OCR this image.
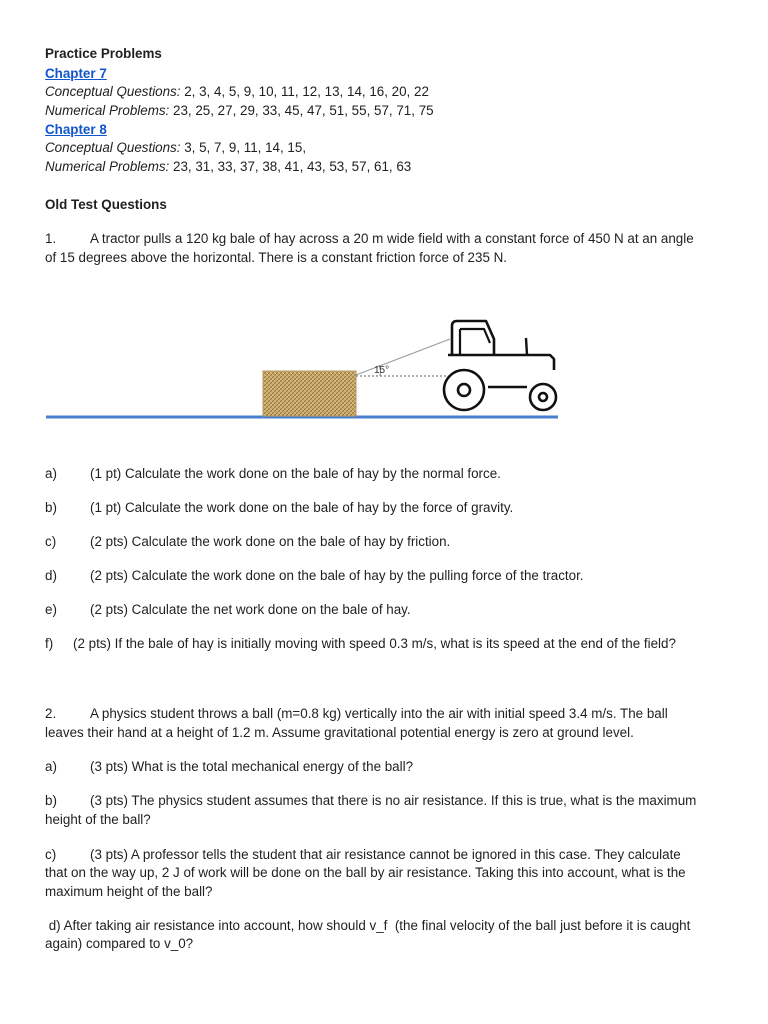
Practice Problems
Chapter 7
Conceptual Questions: 2, 3, 4, 5, 9, 10, 11, 12, 13, 14, 16, 20, 22
Numerical Problems: 23, 25, 27, 29, 33, 45, 47, 51, 55, 57, 71, 75
Chapter 8
Conceptual Questions: 3, 5, 7, 9, 11, 14, 15,
Numerical Problems: 23, 31, 33, 37, 38, 41, 43, 53, 57, 61, 63
Old Test Questions
1.	A tractor pulls a 120 kg bale of hay across a 20 m wide field with a constant force of 450 N at an angle
of 15 degrees above the horizontal. There is a constant friction force of 235 N.
15°
a) (1 pt) Calculate the work done on the bale of hay by the normal force.
b) (1 pt) Calculate the work done on the bale of hay by the force of gravity.
c)	(2 pts) Calculate the work done on the bale of hay by friction.
d) (2 pts) Calculate the work done on the bale of hay by the pulling force of the tractor.
e) (2 pts) Calculate the net work done on the bale of hay.
f) (2 pts) If the bale of hay is initially moving with speed 0.3 m/s, what is its speed at the end of the field?
2.	A physics student throws a ball (m=0.8 kg) vertically into the air with initial speed 3.4 m/s. The ball
leaves their hand at a height of 1.2 m. Assume gravitational potential energy is zero at ground level.
a) (3 pts) What is the total mechanical energy of the ball?
b) (3 pts) The physics student assumes that there is no air resistance. If this is true, what is the maximum
height of the ball?
c)	(3 pts) A professor tells the student that air resistance cannot be ignored in this case. They calculate
that on the way up, 2 J of work will be done on the ball by air resistance. Taking this into account, what is the
maximum height of the ball?
d) After taking air resistance into account, how should v_f  (the final velocity of the ball just before it is caught
again) compared to v_0?
